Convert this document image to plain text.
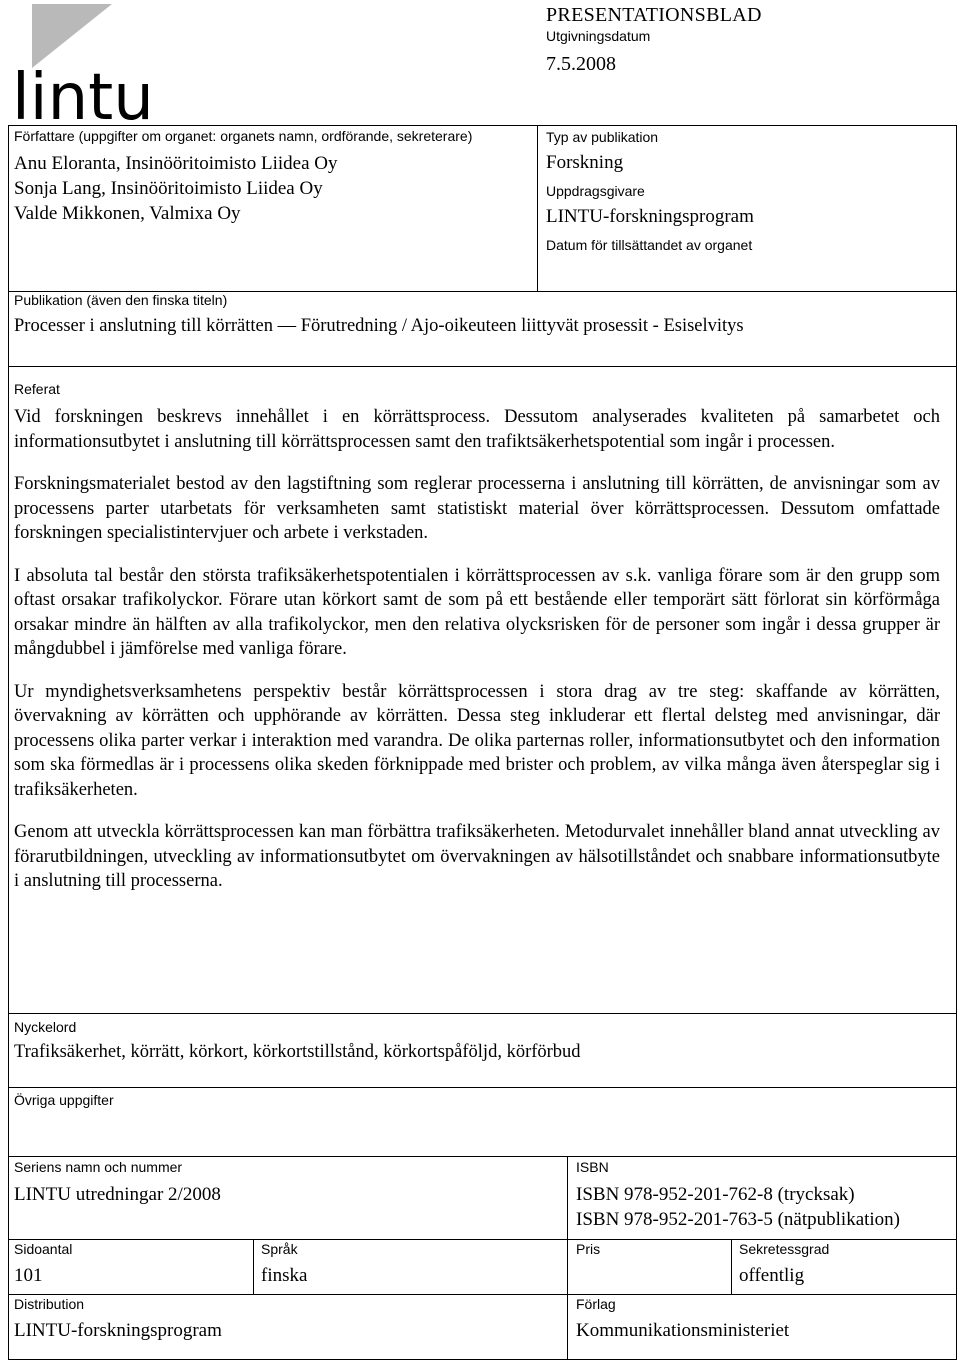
lintu
PRESENTATIONSBLAD
Utgivningsdatum
7.5.2008
Författare (uppgifter om organet: organets namn, ordförande, sekreterare)
Anu Eloranta, Insinööritoimisto Liidea Oy
Sonja Lang, Insinööritoimisto Liidea Oy
Valde Mikkonen, Valmixa Oy
Typ av publikation
Forskning
Uppdragsgivare
LINTU-forskningsprogram
Datum för tillsättandet av organet
Publikation (även den finska titeln)
Processer i anslutning till körrätten — Förutredning / Ajo-oikeuteen liittyvät prosessit - Esiselvitys
Referat

Vid forskningen beskrevs innehållet i en körrättsprocess. Dessutom analyserades kvaliteten på samarbetet och informationsutbytet i anslutning till körrättsprocessen samt den trafiktsäkerhetspotential som ingår i processen.

Forskningsmaterialet bestod av den lagstiftning som reglerar processerna i anslutning till körrätten, de anvisningar som av processens parter utarbetats för verksamheten samt statistiskt material över körrättsprocessen. Dessutom omfattade forskningen specialistintervjuer och arbete i verkstaden.

I absoluta tal består den största trafiksäkerhetspotentialen i körrättsprocessen av s.k. vanliga förare som är den grupp som oftast orsakar trafikolyckor. Förare utan körkort samt de som på ett bestående eller temporärt sätt förlorat sin körförmåga orsakar mindre än hälften av alla trafikolyckor, men den relativa olycksrisken för de personer som ingår i dessa grupper är mångdubbel i jämförelse med vanliga förare.

Ur myndighetsverksamhetens perspektiv består körrättsprocessen i stora drag av tre steg: skaffande av körrätten, övervakning av körrätten och upphörande av körrätten. Dessa steg inkluderar ett flertal delsteg med anvisningar, där processens olika parter verkar i interaktion med varandra. De olika parternas roller, informationsutbytet och den information som ska förmedlas är i processens olika skeden förknippade med brister och problem, av vilka många även återspeglar sig i trafiksäkerheten.

Genom att utveckla körrättsprocessen kan man förbättra trafiksäkerheten. Metodurvalet innehåller bland annat utveckling av förarutbildningen, utveckling av informationsutbytet om övervakningen av hälsotillståndet och snabbare informationsutbyte i anslutning till processerna.

Nyckelord
Trafiksäkerhet, körrätt, körkort, körkortstillstånd, körkortspåföljd, körförbud
Övriga uppgifter
Seriens namn och nummer
LINTU utredningar 2/2008
ISBN
ISBN 978-952-201-762-8 (trycksak)
ISBN 978-952-201-763-5 (nätpublikation)
Sidoantal
101
Språk
finska
Pris	Sekretessgrad
offentlig
Distribution
LINTU-forskningsprogram
Förlag
Kommunikationsministeriet
